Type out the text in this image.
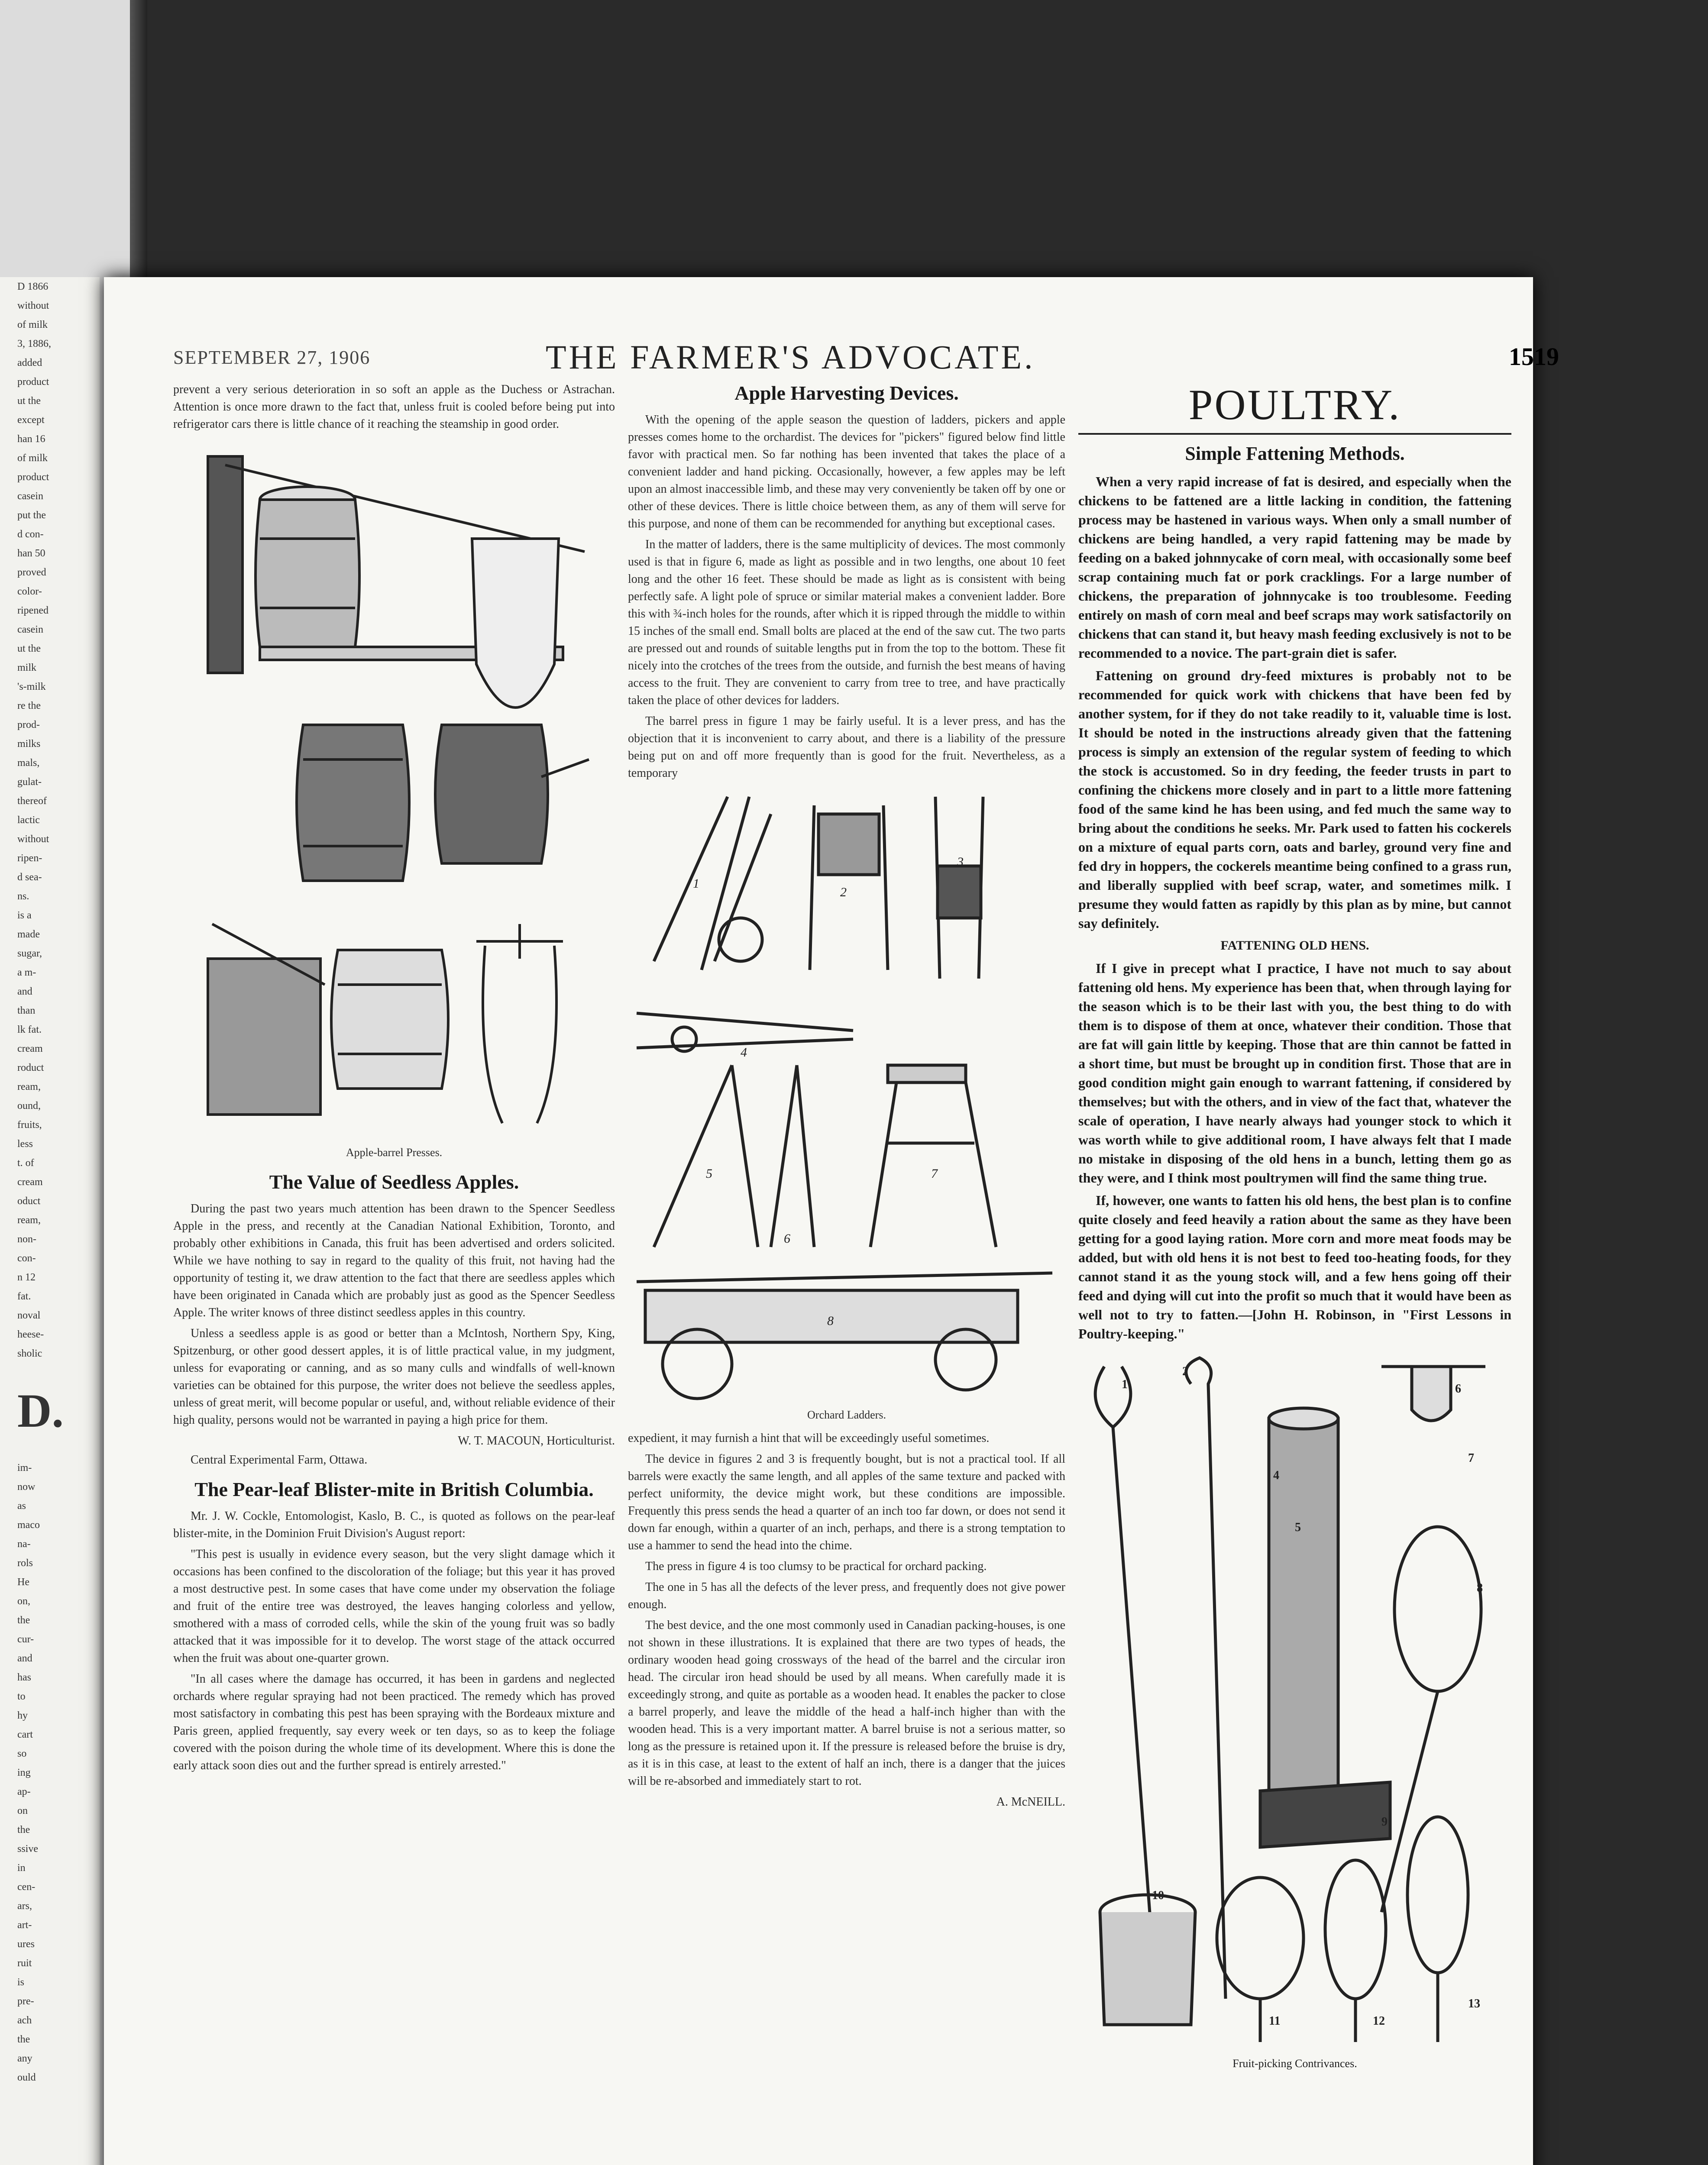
D 1866
without
of milk
3, 1886,
added
product
ut the
except
han 16
of milk
product
casein
put the
d con-
han 50
proved
color-
ripened
casein
ut the
milk
's-milk
re the
prod-
milks
mals,
gulat-
thereof
lactic
without
ripen-
d sea-
ns.
is a
made
sugar,
a m-
and
than
lk fat.
cream
roduct
ream,
ound,
fruits,
less
t. of
cream
oduct
ream,
non-
con-
n 12
fat.
noval
heese-
sholic
D.
im-
now
as
maco
na-
rols
He
on,
the
cur-
and
has
to
hy
cart
so
ing
ap-
on
the
ssive
in
cen-
ars,
art-
ures
ruit
is
pre-
ach
the
any
ould
SEPTEMBER 27, 1906	THE FARMER'S ADVOCATE.	1519

prevent a very serious deterioration in so soft an apple as the Duchess or Astrachan. Attention is once more drawn to the fact that, unless fruit is cooled before being put into refrigerator cars there is little chance of it reaching the steamship in good order.

Apple-barrel Presses.
The Value of Seedless Apples.

During the past two years much attention has been drawn to the Spencer Seedless Apple in the press, and recently at the Canadian National Exhibition, Toronto, and probably other exhibitions in Canada, this fruit has been advertised and orders solicited. While we have nothing to say in regard to the quality of this fruit, not having had the opportunity of testing it, we draw attention to the fact that there are seedless apples which have been originated in Canada which are probably just as good as the Spencer Seedless Apple. The writer knows of three distinct seedless apples in this country.

Unless a seedless apple is as good or better than a McIntosh, Northern Spy, King, Spitzenburg, or other good dessert apples, it is of little practical value, in my judgment, unless for evaporating or canning, and as so many culls and windfalls of well-known varieties can be obtained for this purpose, the writer does not believe the seedless apples, unless of great merit, will become popular or useful, and, without reliable evidence of their high quality, persons would not be warranted in paying a high price for them.

W. T. MACOUN, Horticulturist.
Central Experimental Farm, Ottawa.
The Pear-leaf Blister-mite in British Columbia.

Mr. J. W. Cockle, Entomologist, Kaslo, B. C., is quoted as follows on the pear-leaf blister-mite, in the Dominion Fruit Division's August report:

"This pest is usually in evidence every season, but the very slight damage which it occasions has been confined to the discoloration of the foliage; but this year it has proved a most destructive pest. In some cases that have come under my observation the foliage and fruit of the entire tree was destroyed, the leaves hanging colorless and yellow, smothered with a mass of corroded cells, while the skin of the young fruit was so badly attacked that it was impossible for it to develop. The worst stage of the attack occurred when the fruit was about one-quarter grown.

"In all cases where the damage has occurred, it has been in gardens and neglected orchards where regular spraying had not been practiced. The remedy which has proved most satisfactory in combating this pest has been spraying with the Bordeaux mixture and Paris green, applied frequently, say every week or ten days, so as to keep the foliage covered with the poison during the whole time of its development. Where this is done the early attack soon dies out and the further spread is entirely arrested."

Apple Harvesting Devices.

With the opening of the apple season the question of ladders, pickers and apple presses comes home to the orchardist. The devices for "pickers" figured below find little favor with practical men. So far nothing has been invented that takes the place of a convenient ladder and hand picking. Occasionally, however, a few apples may be left upon an almost inaccessible limb, and these may very conveniently be taken off by one or other of these devices. There is little choice between them, as any of them will serve for this purpose, and none of them can be recommended for anything but exceptional cases.

In the matter of ladders, there is the same multiplicity of devices. The most commonly used is that in figure 6, made as light as possible and in two lengths, one about 10 feet long and the other 16 feet. These should be made as light as is consistent with being perfectly safe. A light pole of spruce or similar material makes a convenient ladder. Bore this with ¾-inch holes for the rounds, after which it is ripped through the middle to within 15 inches of the small end. Small bolts are placed at the end of the saw cut. The two parts are pressed out and rounds of suitable lengths put in from the top to the bottom. These fit nicely into the crotches of the trees from the outside, and furnish the best means of having access to the fruit. They are convenient to carry from tree to tree, and have practically taken the place of other devices for ladders.

The barrel press in figure 1 may be fairly useful. It is a lever press, and has the objection that it is inconvenient to carry about, and there is a liability of the pressure being put on and off more frequently than is good for the fruit. Nevertheless, as a temporary

1
2
3
4
5
6
7
8
Orchard Ladders.

expedient, it may furnish a hint that will be exceedingly useful sometimes.

The device in figures 2 and 3 is frequently bought, but is not a practical tool. If all barrels were exactly the same length, and all apples of the same texture and packed with perfect uniformity, the device might work, but these conditions are impossible. Frequently this press sends the head a quarter of an inch too far down, or does not send it down far enough, within a quarter of an inch, perhaps, and there is a strong temptation to use a hammer to send the head into the chime.

The press in figure 4 is too clumsy to be practical for orchard packing.

The one in 5 has all the defects of the lever press, and frequently does not give power enough.

The best device, and the one most commonly used in Canadian packing-houses, is one not shown in these illustrations. It is explained that there are two types of heads, the ordinary wooden head going crossways of the head of the barrel and the circular iron head. The circular iron head should be used by all means. When carefully made it is exceedingly strong, and quite as portable as a wooden head. It enables the packer to close a barrel properly, and leave the middle of the head a half-inch higher than with the wooden head. This is a very important matter. A barrel bruise is not a serious matter, so long as the pressure is retained upon it. If the pressure is released before the bruise is dry, as it is in this case, at least to the extent of half an inch, there is a danger that the juices will be re-absorbed and immediately start to rot.

A. McNEILL.
POULTRY.
Simple Fattening Methods.

When a very rapid increase of fat is desired, and especially when the chickens to be fattened are a little lacking in condition, the fattening process may be hastened in various ways. When only a small number of chickens are being handled, a very rapid fattening may be made by feeding on a baked johnnycake of corn meal, with occasionally some beef scrap containing much fat or pork cracklings. For a large number of chickens, the preparation of johnnycake is too troublesome. Feeding entirely on mash of corn meal and beef scraps may work satisfactorily on chickens that can stand it, but heavy mash feeding exclusively is not to be recommended to a novice. The part-grain diet is safer.

Fattening on ground dry-feed mixtures is probably not to be recommended for quick work with chickens that have been fed by another system, for if they do not take readily to it, valuable time is lost. It should be noted in the instructions already given that the fattening process is simply an extension of the regular system of feeding to which the stock is accustomed. So in dry feeding, the feeder trusts in part to confining the chickens more closely and in part to a little more fattening food of the same kind he has been using, and fed much the same way to bring about the conditions he seeks. Mr. Park used to fatten his cockerels on a mixture of equal parts corn, oats and barley, ground very fine and fed dry in hoppers, the cockerels meantime being confined to a grass run, and liberally supplied with beef scrap, water, and sometimes milk. I presume they would fatten as rapidly by this plan as by mine, but cannot say definitely.

FATTENING OLD HENS.

If I give in precept what I practice, I have not much to say about fattening old hens. My experience has been that, when through laying for the season which is to be their last with you, the best thing to do with them is to dispose of them at once, whatever their condition. Those that are fat will gain little by keeping. Those that are thin cannot be fatted in a short time, but must be brought up in condition first. Those that are in good condition might gain enough to warrant fattening, if considered by themselves; but with the others, and in view of the fact that, whatever the scale of operation, I have nearly always had younger stock to which it was worth while to give additional room, I have always felt that I made no mistake in disposing of the old hens in a bunch, letting them go as they were, and I think most poultrymen will find the same thing true.

If, however, one wants to fatten his old hens, the best plan is to confine quite closely and feed heavily a ration about the same as they have been getting for a good laying ration. More corn and more meat foods may be added, but with old hens it is not best to feed too-heating foods, for they cannot stand it as the young stock will, and a few hens going off their feed and dying will cut into the profit so much that it would have been as well not to try to fatten.—[John H. Robinson, in "First Lessons in Poultry-keeping."

1
2
4
5
6
7
8
9
10
11	12
13
Fruit-picking Contrivances.
